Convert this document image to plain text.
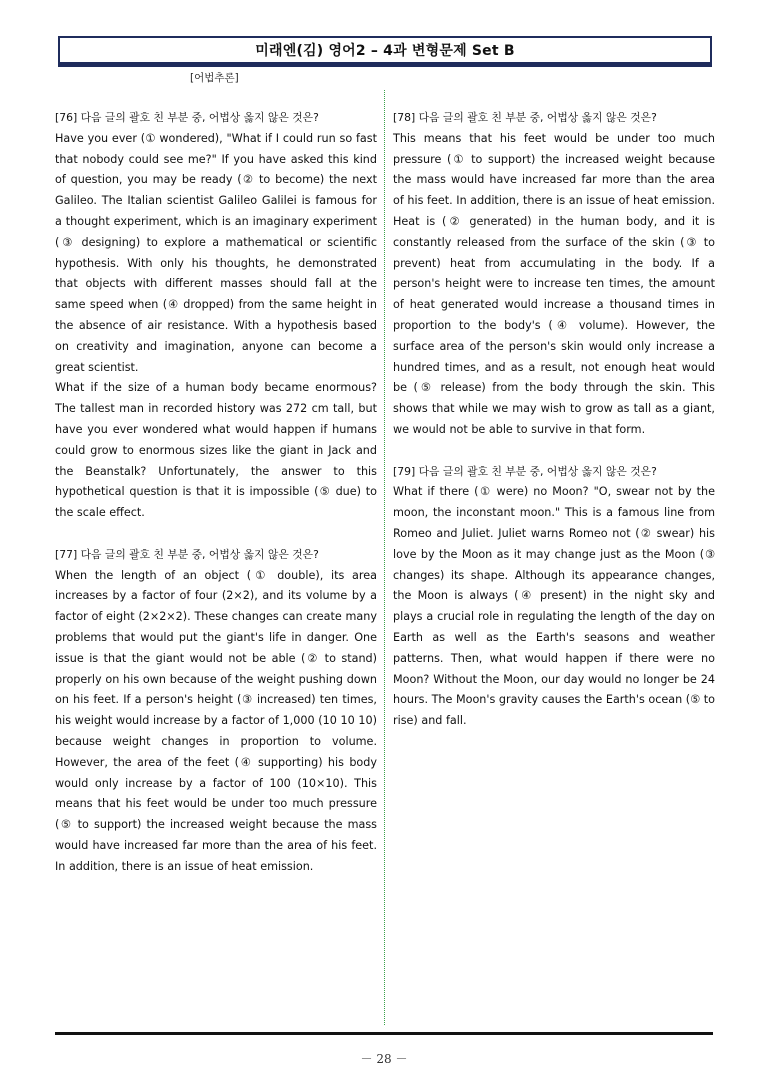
미래엔(김) 영어2 – 4과 변형문제 Set B
[어법추론]
[76] 다음 글의 괄호 친 부분 중, 어법상 옳지 않은 것은?
Have you ever (① wondered), "What if I could run so fast that nobody could see me?" If you have asked this kind of question, you may be ready (② to become) the next Galileo. The Italian scientist Galileo Galilei is famous for a thought experiment, which is an imaginary experiment (③ designing) to explore a mathematical or scientific hypothesis. With only his thoughts, he demonstrated that objects with different masses should fall at the same speed when (④ dropped) from the same height in the absence of air resistance. With a hypothesis based on creativity and imagination, anyone can become a great scientist.
What if the size of a human body became enormous? The tallest man in recorded history was 272 cm tall, but have you ever wondered what would happen if humans could grow to enormous sizes like the giant in Jack and the Beanstalk? Unfortunately, the answer to this hypothetical question is that it is impossible (⑤ due) to the scale effect.
[77] 다음 글의 괄호 친 부분 중, 어법상 옳지 않은 것은?
When the length of an object (① double), its area increases by a factor of four (2×2), and its volume by a factor of eight (2×2×2). These changes can create many problems that would put the giant's life in danger. One issue is that the giant would not be able (② to stand) properly on his own because of the weight pushing down on his feet. If a person's height (③ increased) ten times, his weight would increase by a factor of 1,000 (10 10 10) because weight changes in proportion to volume. However, the area of the feet (④ supporting) his body would only increase by a factor of 100 (10×10). This means that his feet would be under too much pressure (⑤ to support) the increased weight because the mass would have increased far more than the area of his feet. In addition, there is an issue of heat emission.
[78] 다음 글의 괄호 친 부분 중, 어법상 옳지 않은 것은?
This means that his feet would be under too much pressure (① to support) the increased weight because the mass would have increased far more than the area of his feet. In addition, there is an issue of heat emission. Heat is (② generated) in the human body, and it is constantly released from the surface of the skin (③ to prevent) heat from accumulating in the body. If a person's height were to increase ten times, the amount of heat generated would increase a thousand times in proportion to the body's (④ volume). However, the surface area of the person's skin would only increase a hundred times, and as a result, not enough heat would be (⑤ release) from the body through the skin. This shows that while we may wish to grow as tall as a giant, we would not be able to survive in that form.
[79] 다음 글의 괄호 친 부분 중, 어법상 옳지 않은 것은?
What if there (① were) no Moon? "O, swear not by the moon, the inconstant moon." This is a famous line from Romeo and Juliet. Juliet warns Romeo not (② swear) his love by the Moon as it may change just as the Moon (③ changes) its shape. Although its appearance changes, the Moon is always (④ present) in the night sky and plays a crucial role in regulating the length of the day on Earth as well as the Earth's seasons and weather patterns. Then, what would happen if there were no Moon? Without the Moon, our day would no longer be 24 hours. The Moon's gravity causes the Earth's ocean (⑤ to rise) and fall.
－ 28 －
